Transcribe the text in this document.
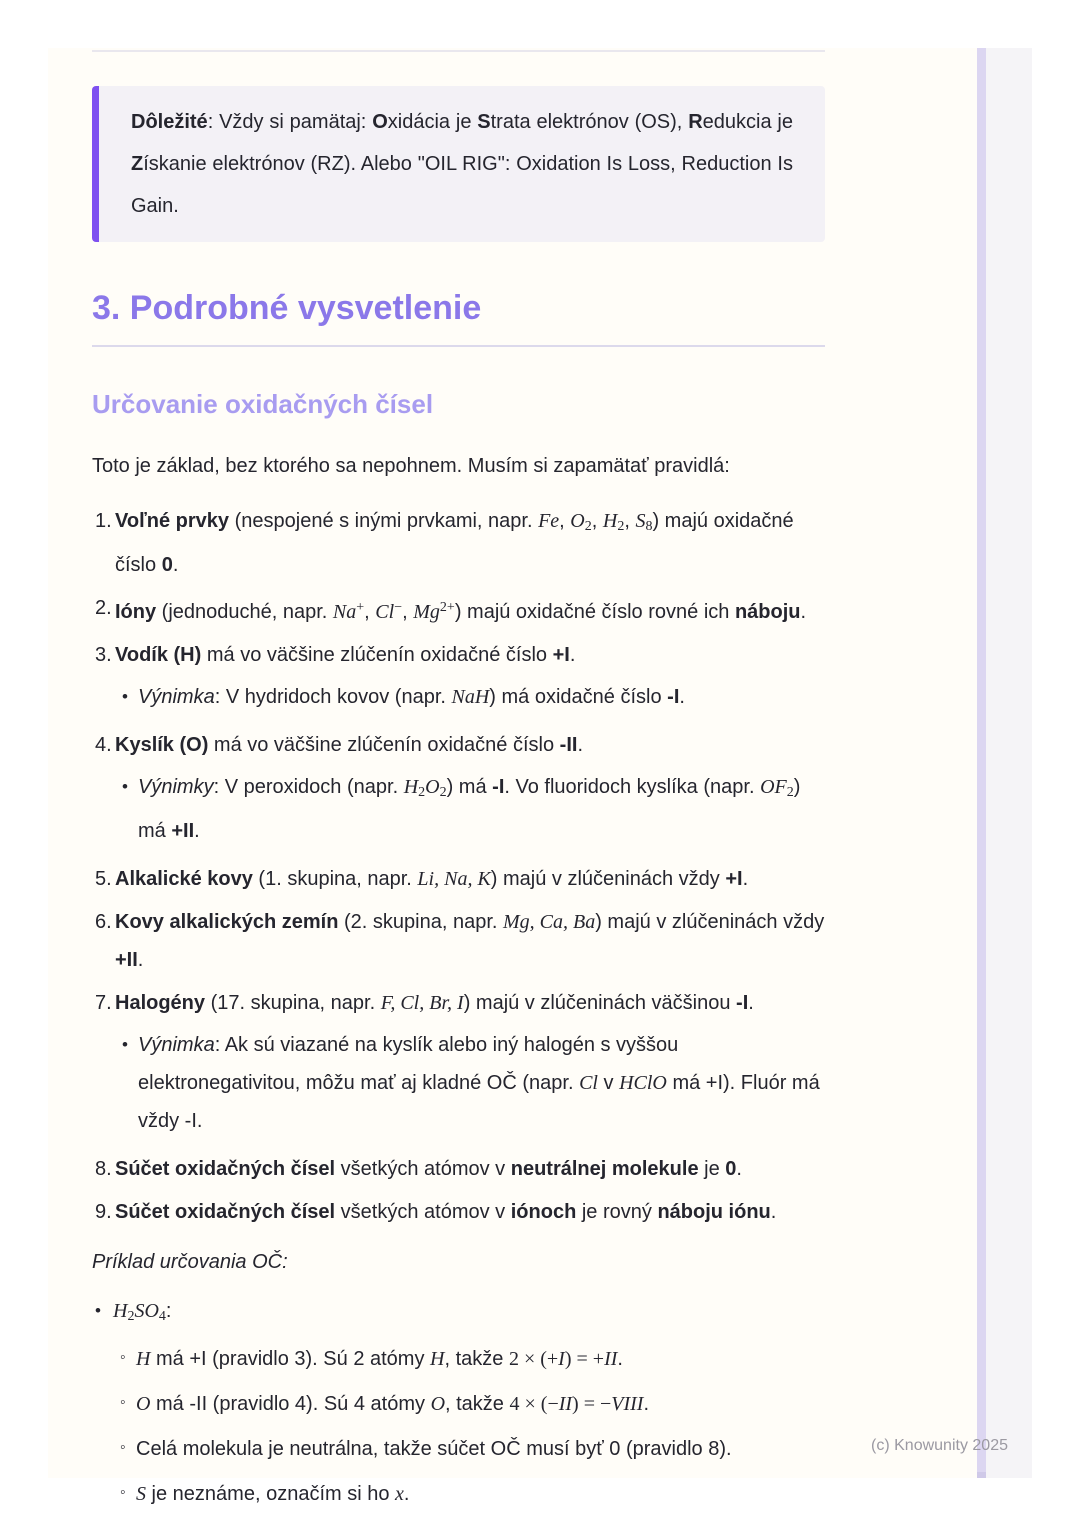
Dôležité: Vždy si pamätaj: Oxidácia je Strata elektrónov (OS), Redukcia je Získanie elektrónov (RZ). Alebo "OIL RIG": Oxidation Is Loss, Reduction Is Gain.

3. Podrobné vysvetlenie
Určovanie oxidačných čísel

Toto je základ, bez ktorého sa nepohnem. Musím si zapamätať pravidlá:

1. Voľné prvky (nespojené s inými prvkami, napr. Fe, O2, H2, S8) majú oxidačné číslo 0.
2. Ióny (jednoduché, napr. Na+, Cl−, $Mg^{2+}$) majú oxidačné číslo rovné ich náboju.
3. Vodík (H) má vo väčšine zlúčenín oxidačné číslo +I.
• Výnimka: V hydridoch kovov (napr. NaH) má oxidačné číslo -I.
4. Kyslík (O) má vo väčšine zlúčenín oxidačné číslo -II.
• Výnimky: V peroxidoch (napr. H2O2) má -I. Vo fluoridoch kyslíka (napr. OF2) má +II.
5. Alkalické kovy (1. skupina, napr. Li, Na, K) majú v zlúčeninách vždy +I.
6. Kovy alkalických zemín (2. skupina, napr. Mg, Ca, Ba) majú v zlúčeninách vždy +II.
7. Halogény (17. skupina, napr. F, Cl, Br, I) majú v zlúčeninách väčšinou -I.
• Výnimka: Ak sú viazané na kyslík alebo iný halogén s vyššou elektronegativitou, môžu mať aj kladné OČ (napr. Cl v HClO má +I). Fluór má vždy -I.
8. Súčet oxidačných čísel všetkých atómov v neutrálnej molekule je 0.
9. Súčet oxidačných čísel všetkých atómov v iónoch je rovný náboju iónu.

Príklad určovania OČ:

• H2SO4:
◦ H má +I (pravidlo 3). Sú 2 atómy H, takže 2 × (+I) = +II.
◦ O má -II (pravidlo 4). Sú 4 atómy O, takže 4 × (−II) = −VIII.
◦ Celá molekula je neutrálna, takže súčet OČ musí byť 0 (pravidlo 8).
◦ S je neznáme, označím si ho x.
(c) Knowunity 2025
